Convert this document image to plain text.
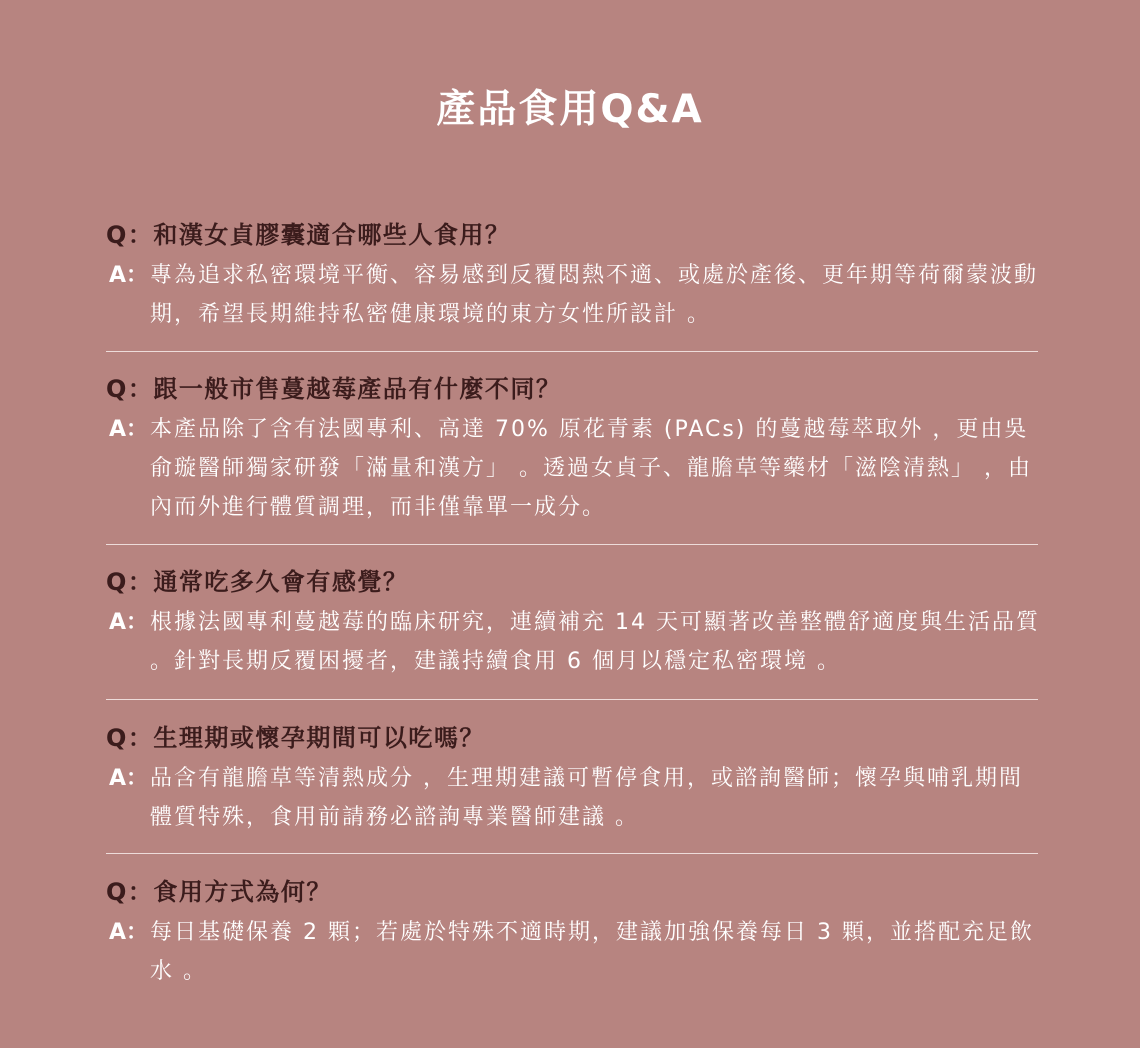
產品食用Q&A
Q：和漢女貞膠囊適合哪些人食用？
A： 專為追求私密環境平衡、容易感到反覆悶熱不適、或處於產後、更年期等荷爾蒙波動期，希望長期維持私密健康環境的東方女性所設計 。
Q：跟一般市售蔓越莓產品有什麼不同？
A： 本產品除了含有法國專利、高達 70% 原花青素 (PACs) 的蔓越莓萃取外 ，更由吳俞璇醫師獨家研發「滿量和漢方」 。透過女貞子、龍膽草等藥材「滋陰清熱」 ，由內而外進行體質調理，而非僅靠單一成分。
Q：通常吃多久會有感覺？
A： 根據法國專利蔓越莓的臨床研究，連續補充 14 天可顯著改善整體舒適度與生活品質 。針對長期反覆困擾者，建議持續食用 6 個月以穩定私密環境 。
Q：生理期或懷孕期間可以吃嗎？
A： 品含有龍膽草等清熱成分 ，生理期建議可暫停食用，或諮詢醫師；懷孕與哺乳期間體質特殊，食用前請務必諮詢專業醫師建議 。
Q：食用方式為何？
A： 每日基礎保養 2 顆；若處於特殊不適時期，建議加強保養每日 3 顆，並搭配充足飲水 。
